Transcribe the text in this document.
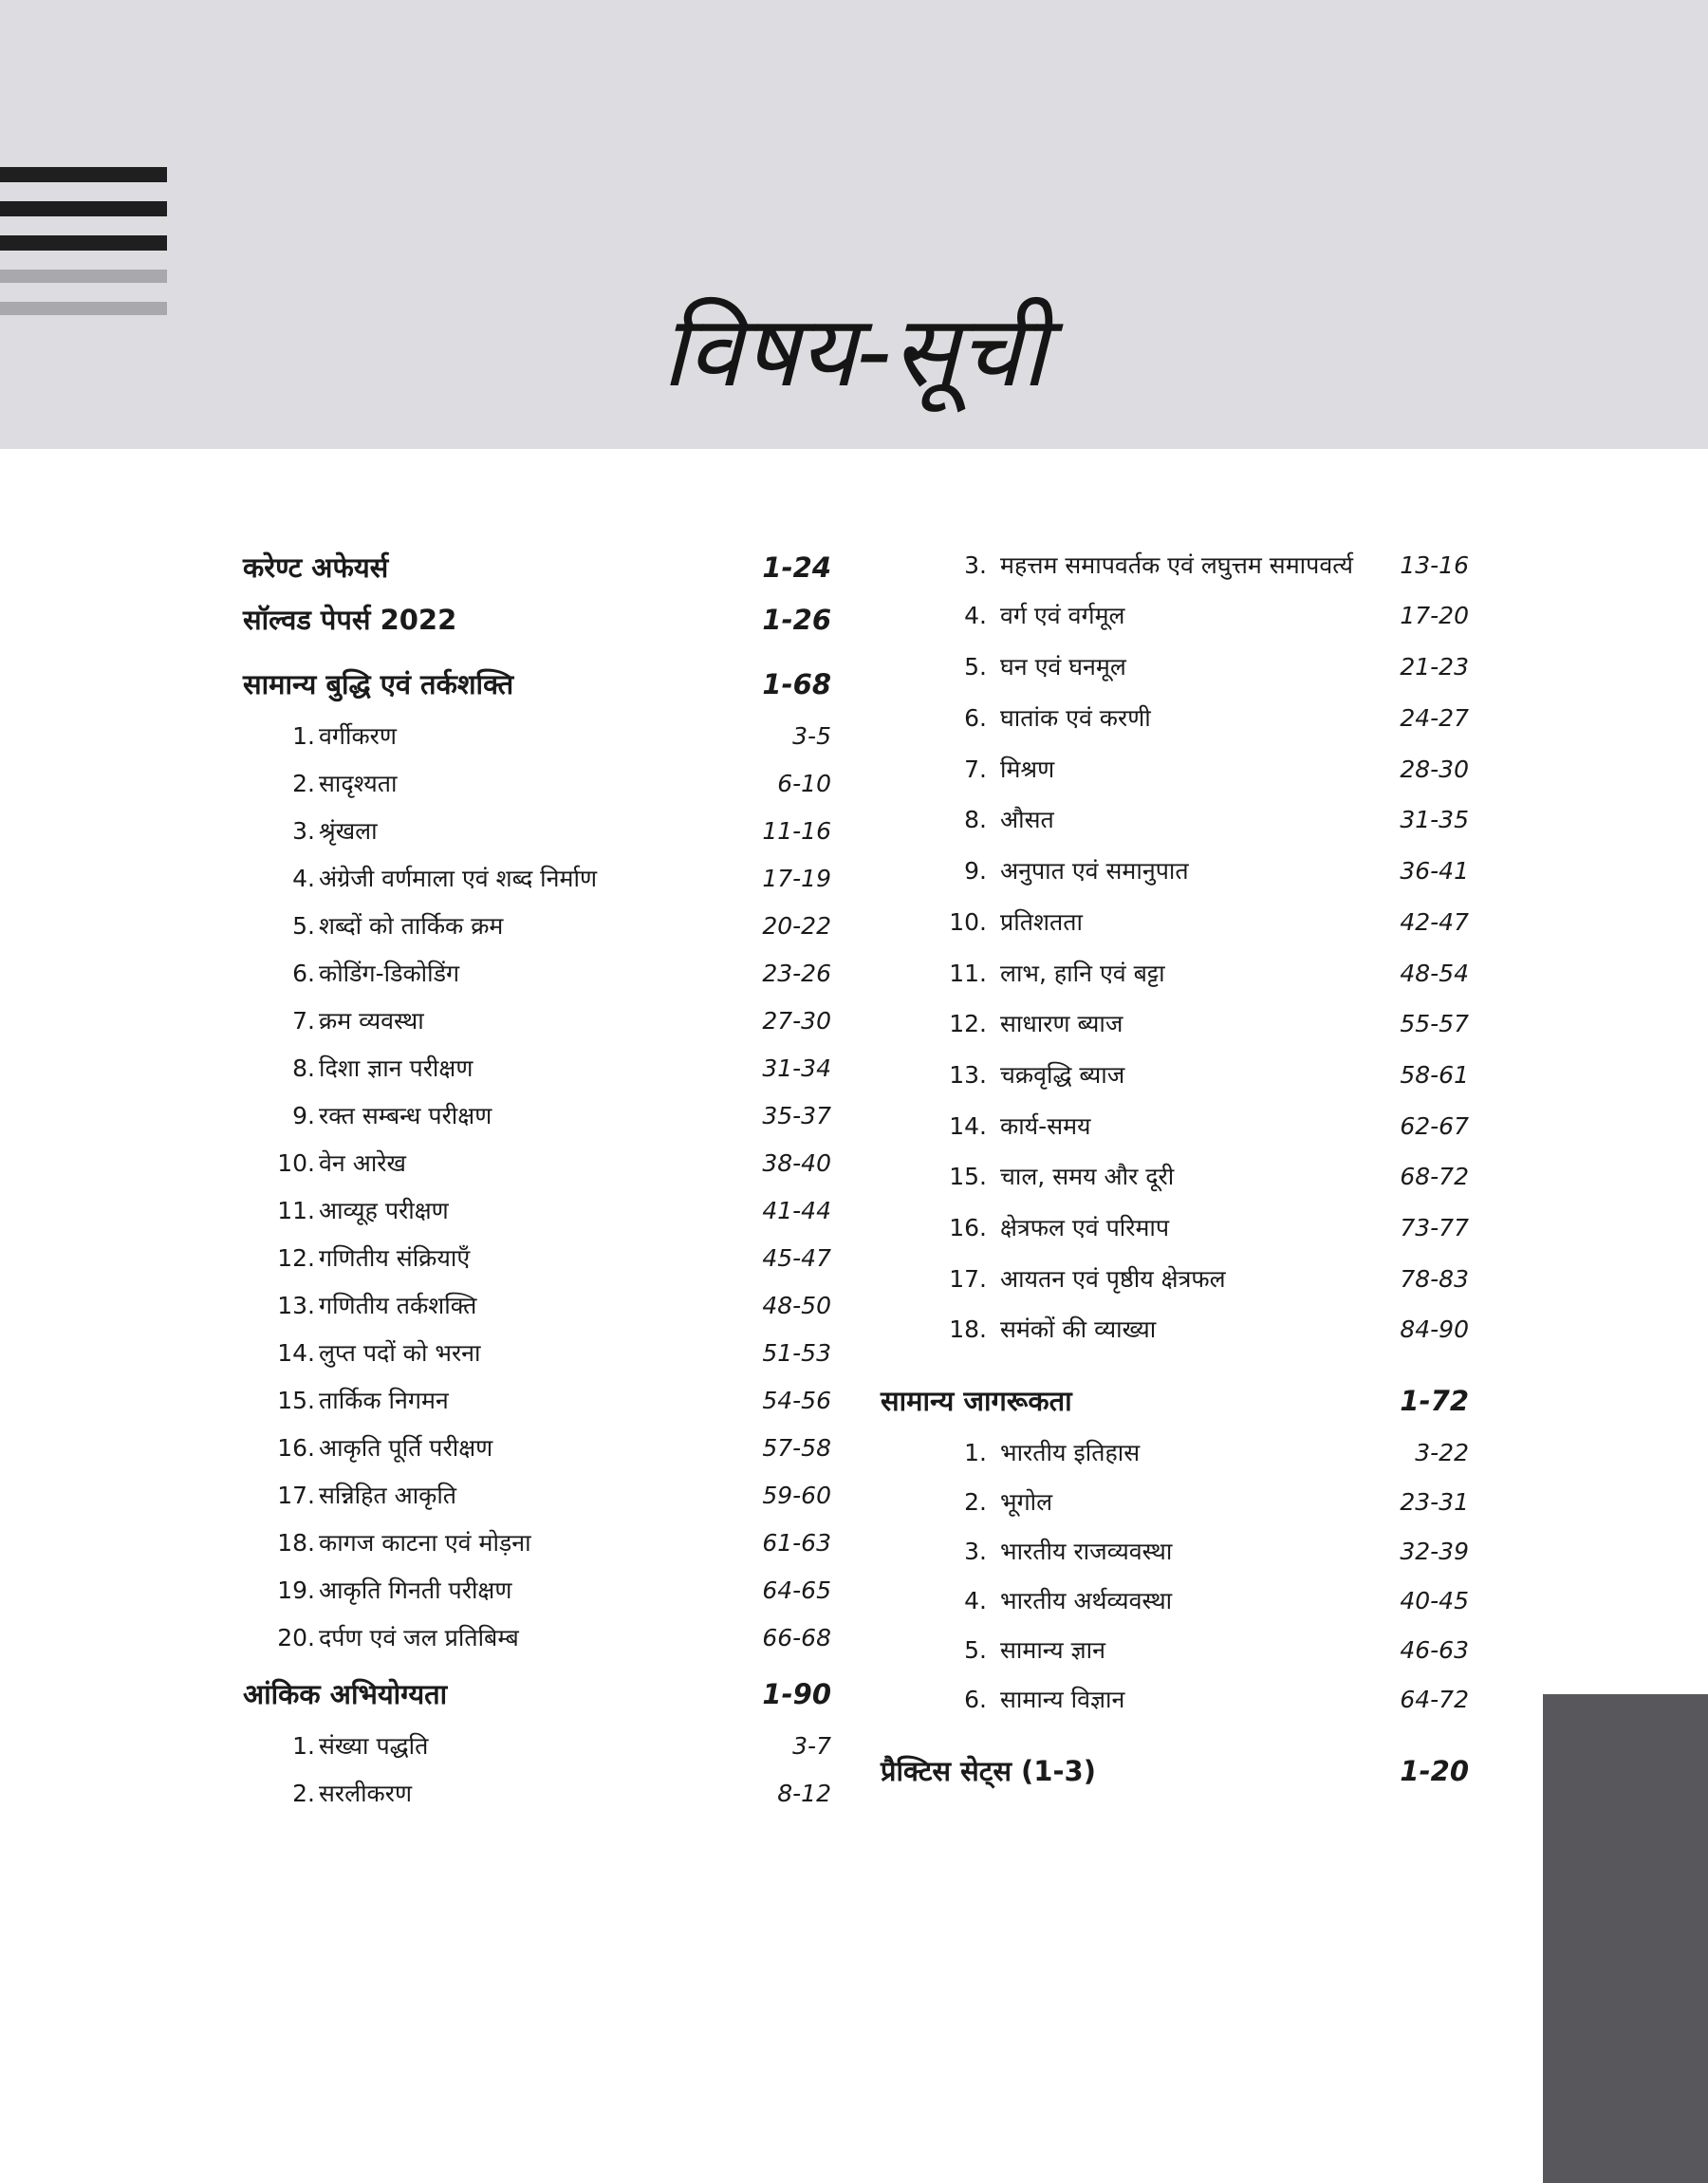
विषय-सूची
करेण्ट अफेयर्स	1-24
सॉल्वड पेपर्स 2022	1-26
सामान्य बुद्धि एवं तर्कशक्ति	1-68
1. वर्गीकरण	3-5
2. सादृश्यता	6-10
3. श्रृंखला	11-16
4. अंग्रेजी वर्णमाला एवं शब्द निर्माण	17-19
5. शब्दों को तार्किक क्रम	20-22
6. कोडिंग-डिकोडिंग	23-26
7. क्रम व्यवस्था	27-30
8. दिशा ज्ञान परीक्षण	31-34
9. रक्त सम्बन्ध परीक्षण	35-37
10. वेन आरेख	38-40
11. आव्यूह परीक्षण	41-44
12. गणितीय संक्रियाएँ	45-47
13. गणितीय तर्कशक्ति	48-50
14. लुप्त पदों को भरना	51-53
15. तार्किक निगमन	54-56
16. आकृति पूर्ति परीक्षण	57-58
17. सन्निहित आकृति	59-60
18. कागज काटना एवं मोड़ना	61-63
19. आकृति गिनती परीक्षण	64-65
20. दर्पण एवं जल प्रतिबिम्ब	66-68
आंकिक अभियोग्यता	1-90
1. संख्या पद्धति	3-7
2. सरलीकरण	8-12
3. महत्तम समापवर्तक एवं लघुत्तम समापवर्त्य 13-16
4. वर्ग एवं वर्गमूल	17-20
5. घन एवं घनमूल	21-23
6. घातांक एवं करणी	24-27
7. मिश्रण	28-30
8. औसत	31-35
9. अनुपात एवं समानुपात	36-41
10. प्रतिशतता	42-47
11. लाभ, हानि एवं बट्टा	48-54
12. साधारण ब्याज	55-57
13. चक्रवृद्धि ब्याज	58-61
14. कार्य-समय	62-67
15. चाल, समय और दूरी	68-72
16. क्षेत्रफल एवं परिमाप	73-77
17. आयतन एवं पृष्ठीय क्षेत्रफल	78-83
18. समंकों की व्याख्या	84-90
सामान्य जागरूकता	1-72
1. भारतीय इतिहास	3-22
2. भूगोल	23-31
3. भारतीय राजव्यवस्था	32-39
4. भारतीय अर्थव्यवस्था	40-45
5. सामान्य ज्ञान	46-63
6. सामान्य विज्ञान	64-72
प्रैक्टिस सेट्स (1-3)	1-20
